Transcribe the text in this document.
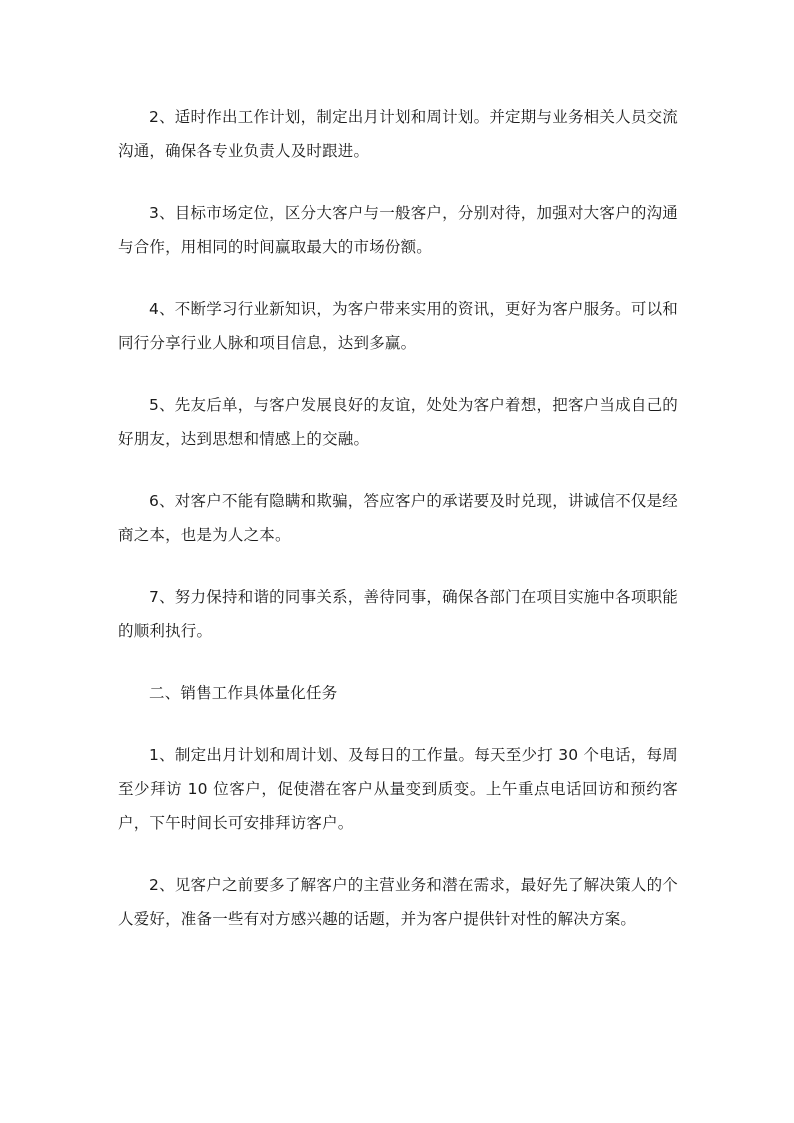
2、适时作出工作计划，制定出月计划和周计划。并定期与业务相关人员交流沟通，确保各专业负责人及时跟进。

3、目标市场定位，区分大客户与一般客户，分别对待，加强对大客户的沟通与合作，用相同的时间赢取最大的市场份额。

4、不断学习行业新知识，为客户带来实用的资讯，更好为客户服务。可以和同行分享行业人脉和项目信息，达到多赢。

5、先友后单，与客户发展良好的友谊，处处为客户着想，把客户当成自己的好朋友，达到思想和情感上的交融。

6、对客户不能有隐瞒和欺骗，答应客户的承诺要及时兑现，讲诚信不仅是经商之本，也是为人之本。

7、努力保持和谐的同事关系，善待同事，确保各部门在项目实施中各项职能的顺利执行。

二、销售工作具体量化任务

1、制定出月计划和周计划、及每日的工作量。每天至少打 30 个电话，每周至少拜访 10 位客户，促使潜在客户从量变到质变。上午重点电话回访和预约客户，下午时间长可安排拜访客户。

2、见客户之前要多了解客户的主营业务和潜在需求，最好先了解决策人的个人爱好，准备一些有对方感兴趣的话题，并为客户提供针对性的解决方案。
